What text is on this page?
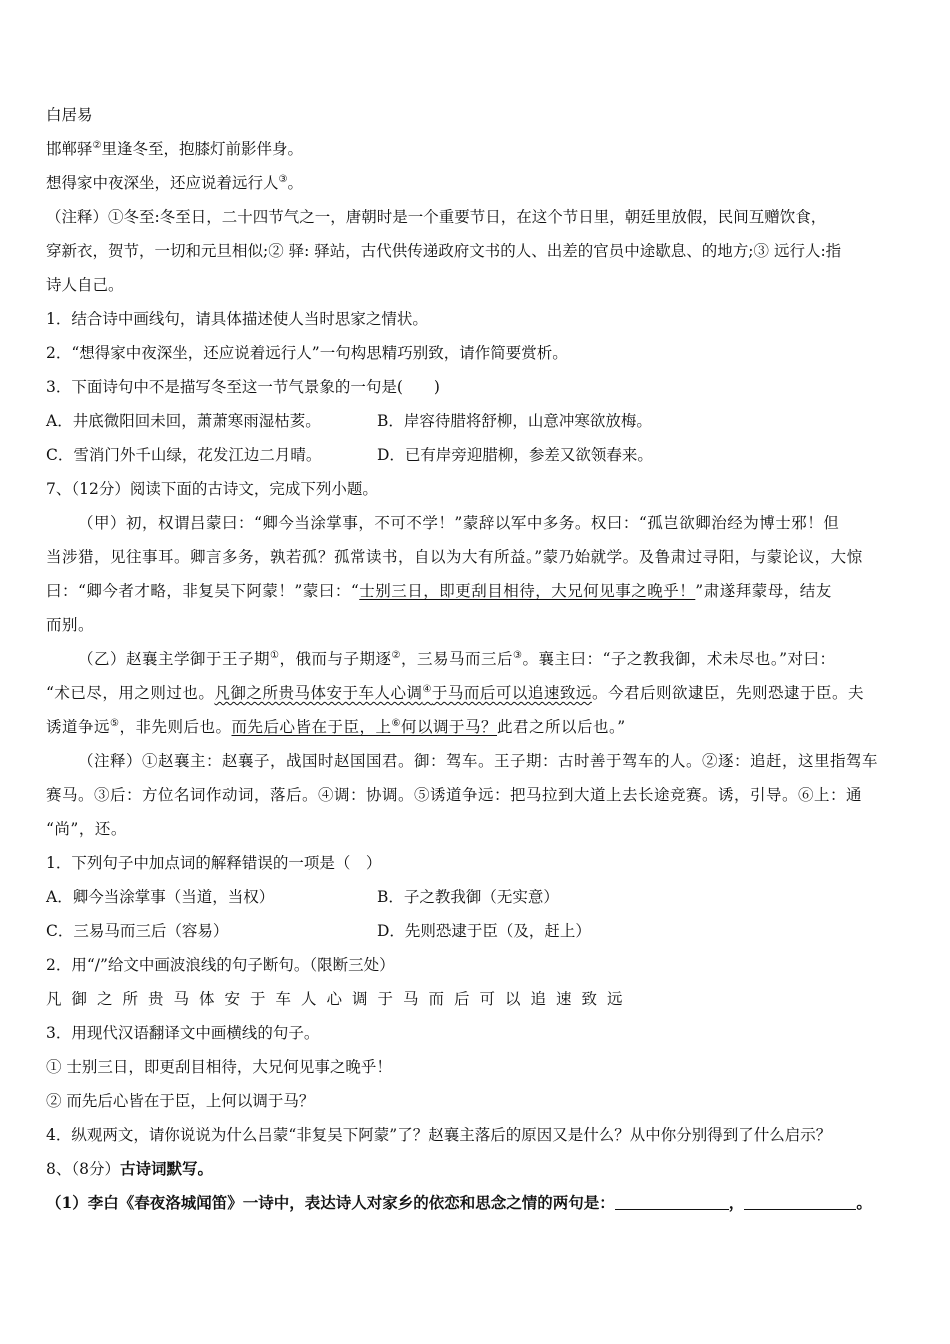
白居易
邯郸驿②里逢冬至，抱膝灯前影伴身。
想得家中夜深坐，还应说着远行人③。
（注释）①冬至:冬至日，二十四节气之一，唐朝时是一个重要节日，在这个节日里，朝廷里放假，民间互赠饮食，
穿新衣，贺节，一切和元旦相似;② 驿: 驿站，古代供传递政府文书的人、出差的官员中途歇息、的地方;③ 远行人:指
诗人自己。
1．结合诗中画线句，请具体描述使人当时思家之情状。
2．“想得家中夜深坐，还应说着远行人”一句构思精巧别致，请作简要赏析。
3．下面诗句中不是描写冬至这一节气景象的一句是(　　)
A．井底微阳回未回，萧萧寒雨湿枯荄。	B．岸容待腊将舒柳，山意冲寒欲放梅。
C．雪消门外千山绿，花发江边二月晴。	D．已有岸旁迎腊柳，参差又欲领春来。
7、（12分）阅读下面的古诗文，完成下列小题。
（甲）初，权谓吕蒙曰：“卿今当涂掌事，不可不学！”蒙辞以军中多务。权曰：“孤岂欲卿治经为博士邪！但
当涉猎，见往事耳。卿言多务，孰若孤？孤常读书，自以为大有所益。”蒙乃始就学。及鲁肃过寻阳，与蒙论议，大惊
曰：“卿今者才略，非复吴下阿蒙！”蒙曰：“士别三日，即更刮目相待，大兄何见事之晚乎！”肃遂拜蒙母，结友
而别。
（乙）赵襄主学御于王子期①，俄而与子期逐②，三易马而三后③。襄主曰：“子之教我御，术未尽也。”对曰：
“术已尽，用之则过也。凡御之所贵马体安于车人心调④于马而后可以追速致远。今君后则欲逮臣，先则恐逮于臣。夫
诱道争远⑤，非先则后也。而先后心皆在于臣，上⑥何以调于马？此君之所以后也。”
（注释）①赵襄主：赵襄子，战国时赵国国君。御：驾车。王子期：古时善于驾车的人。②逐：追赶，这里指驾车
赛马。③后：方位名词作动词，落后。④调：协调。⑤诱道争远：把马拉到大道上去长途竞赛。诱，引导。⑥上：通
“尚”，还。
1．下列句子中加点词的解释错误的一项是（　）
A．卿今当涂掌事（当道，当权）	B．子之教我御（无实意）
C．三易马而三后（容易）	D．先则恐逮于臣（及，赶上）
2．用“/”给文中画波浪线的句子断句。（限断三处）
凡御之所贵马体安于车人心调于马而后可以追速致远
3．用现代汉语翻译文中画横线的句子。
① 士别三日，即更刮目相待，大兄何见事之晚乎！
② 而先后心皆在于臣，上何以调于马？
4．纵观两文，请你说说为什么吕蒙“非复吴下阿蒙”了？赵襄主落后的原因又是什么？从中你分别得到了什么启示？
8、（8分）古诗词默写。
（1）李白《春夜洛城闻笛》一诗中，表达诗人对家乡的依恋和思念之情的两句是：	，	。
